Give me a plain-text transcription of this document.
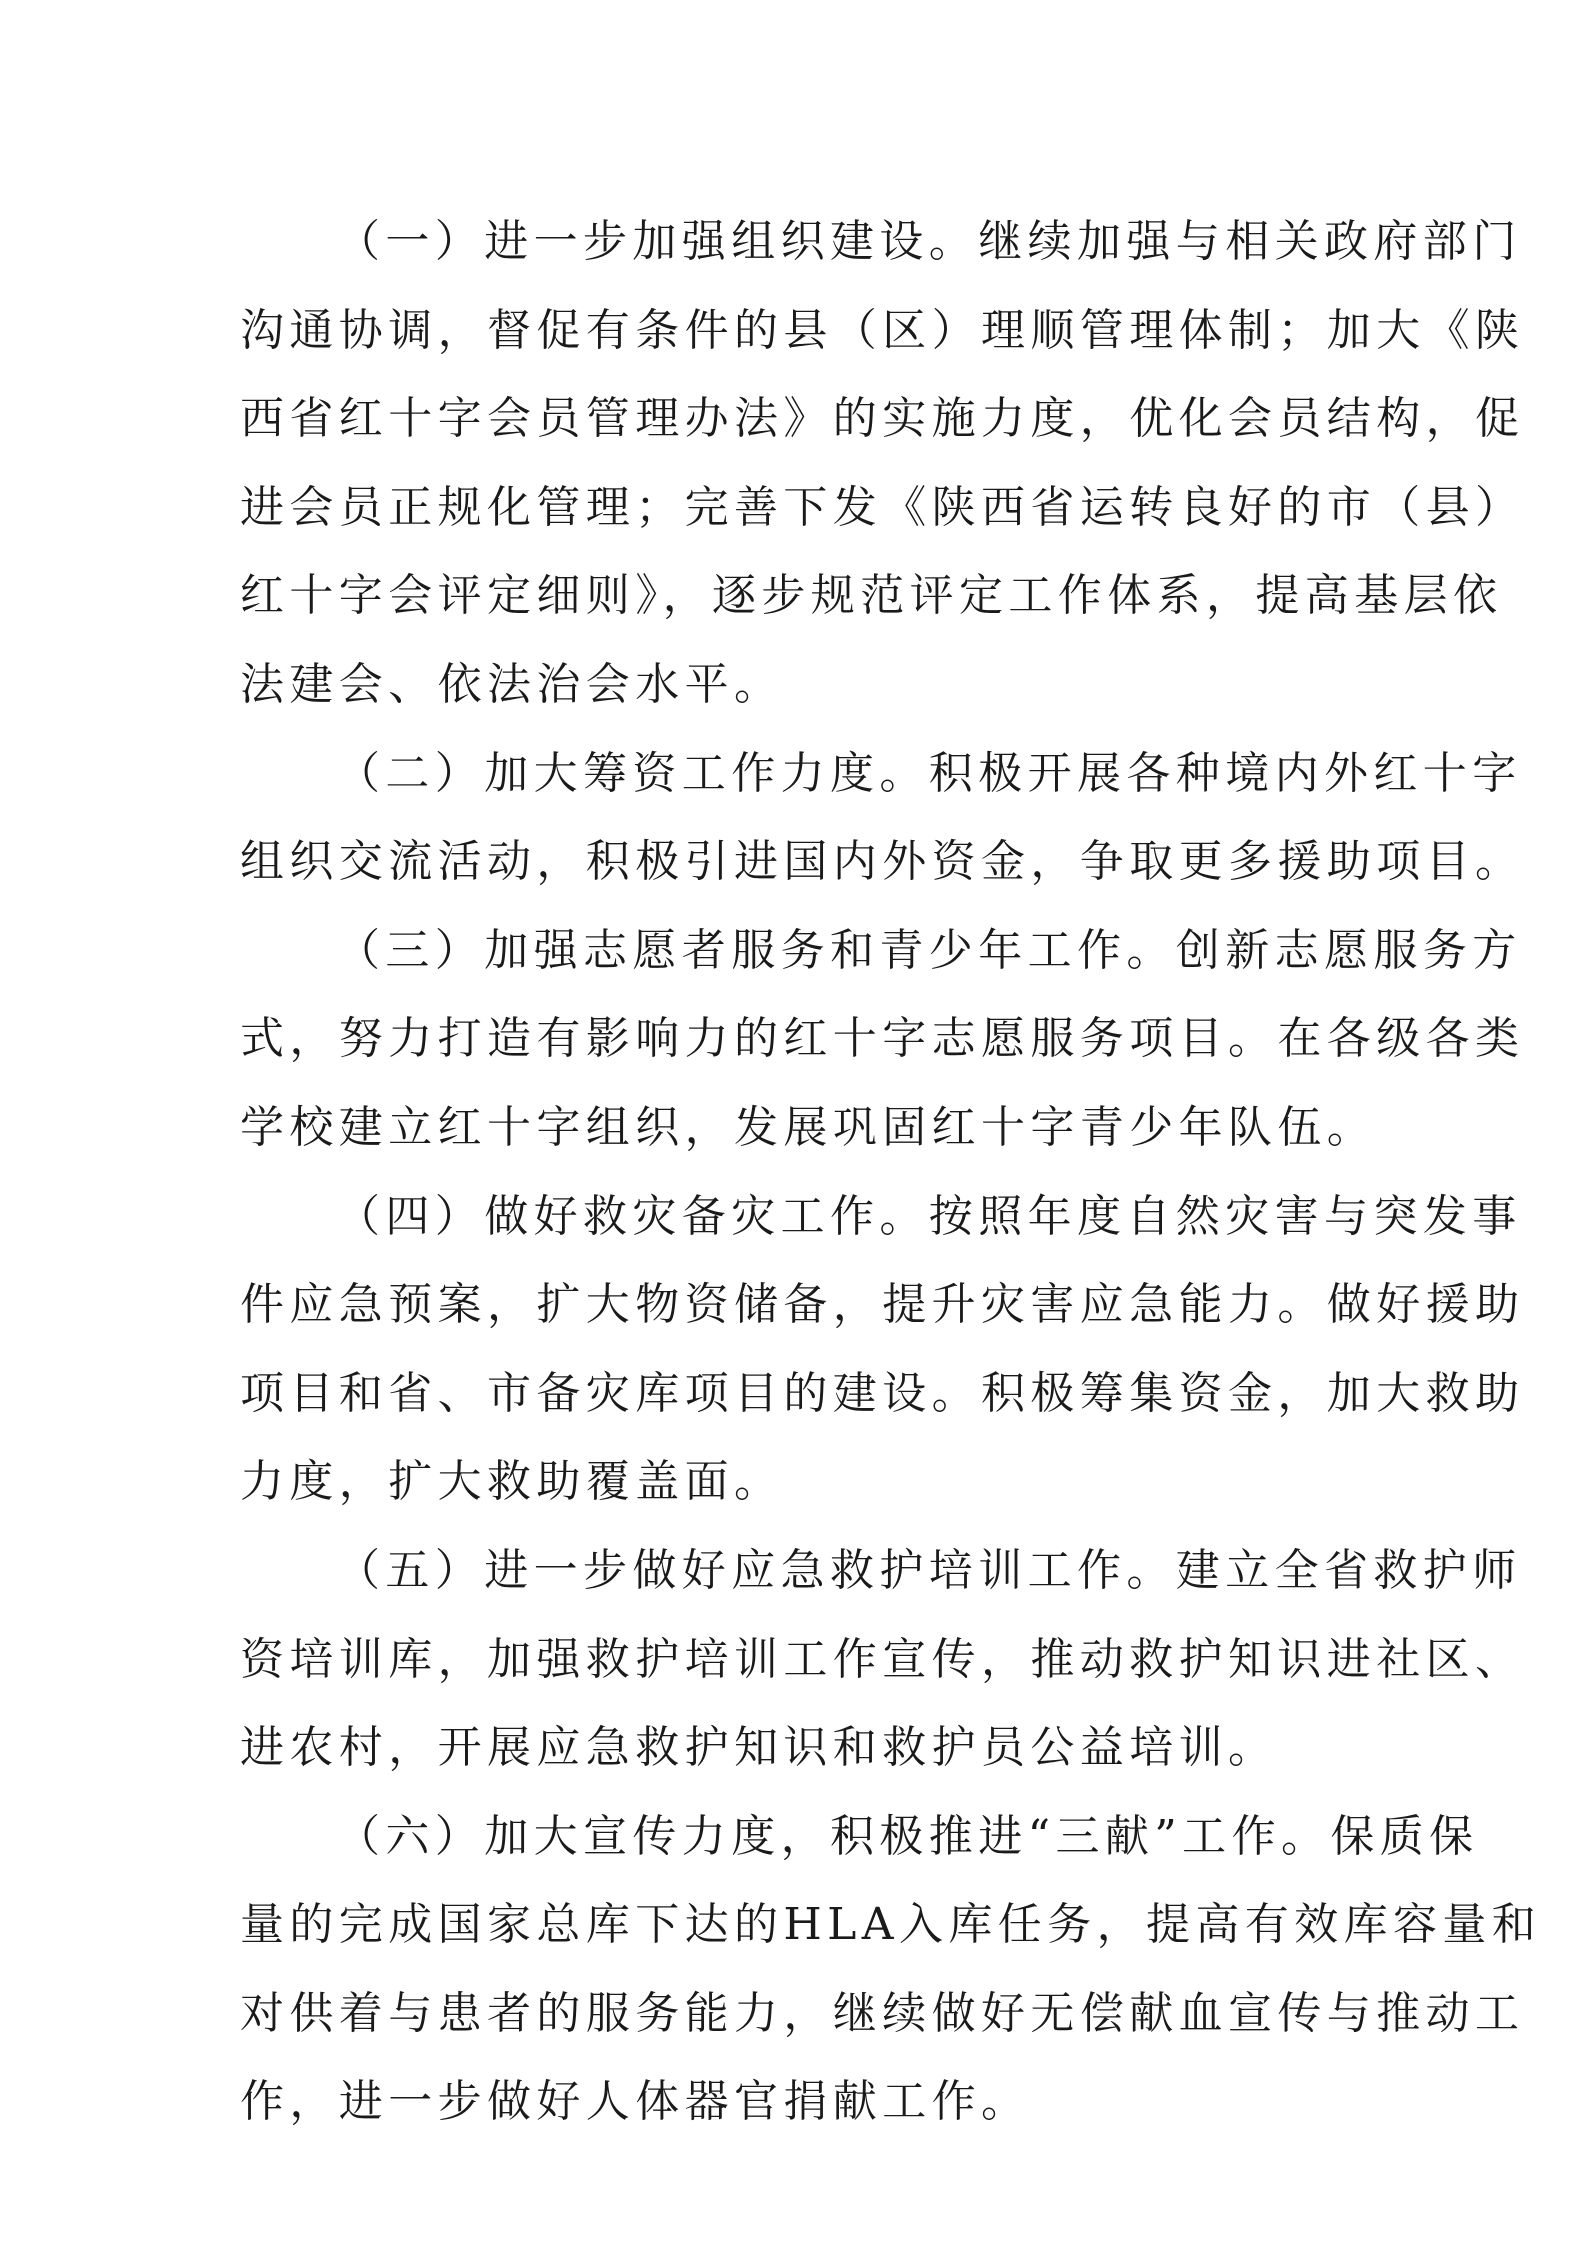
（一）进一步加强组织建设。继续加强与相关政府部门
沟通协调，督促有条件的县（区）理顺管理体制；加大《陕
西省红十字会员管理办法》的实施力度，优化会员结构，促
进会员正规化管理；完善下发《陕西省运转良好的市（县）
红十字会评定细则》，逐步规范评定工作体系，提高基层依
法建会、依法治会水平。

（二）加大筹资工作力度。积极开展各种境内外红十字
组织交流活动，积极引进国内外资金，争取更多援助项目。

（三）加强志愿者服务和青少年工作。创新志愿服务方
式，努力打造有影响力的红十字志愿服务项目。在各级各类
学校建立红十字组织，发展巩固红十字青少年队伍。

（四）做好救灾备灾工作。按照年度自然灾害与突发事
件应急预案，扩大物资储备，提升灾害应急能力。做好援助
项目和省、市备灾库项目的建设。积极筹集资金，加大救助
力度，扩大救助覆盖面。

（五）进一步做好应急救护培训工作。建立全省救护师
资培训库，加强救护培训工作宣传，推动救护知识进社区、
进农村，开展应急救护知识和救护员公益培训。

（六）加大宣传力度，积极推进“三献”工作。保质保
量的完成国家总库下达的HLA入库任务，提高有效库容量和
对供着与患者的服务能力，继续做好无偿献血宣传与推动工
作，进一步做好人体器官捐献工作。
